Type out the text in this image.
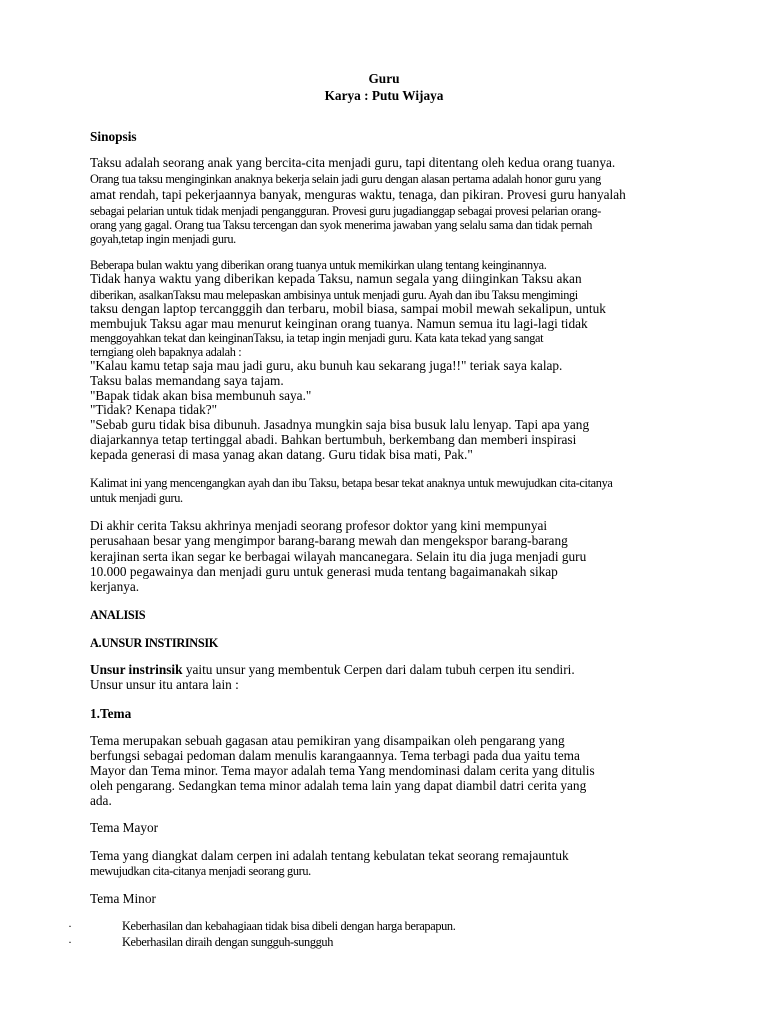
Guru
Karya : Putu Wijaya
Sinopsis
Taksu adalah seorang anak yang bercita-cita menjadi guru, tapi ditentang oleh kedua orang tuanya.
Orang tua taksu menginginkan anaknya bekerja selain jadi guru dengan alasan pertama adalah honor guru yang
amat rendah, tapi pekerjaannya banyak, menguras waktu, tenaga, dan pikiran. Provesi guru hanyalah
sebagai pelarian untuk tidak menjadi pengangguran. Provesi guru jugadianggap sebagai provesi pelarian orang-
orang yang gagal. Orang tua Taksu tercengan dan syok menerima jawaban yang selalu sama dan tidak pernah
goyah,tetap ingin menjadi guru.
Beberapa bulan waktu yang diberikan orang tuanya untuk memikirkan ulang tentang keinginannya.
Tidak hanya waktu yang diberikan kepada Taksu, namun segala yang diinginkan Taksu akan
diberikan, asalkanTaksu mau melepaskan ambisinya untuk menjadi guru. Ayah dan ibu Taksu mengimingi
taksu dengan laptop tercangggih dan terbaru, mobil biasa, sampai mobil mewah sekalipun, untuk
membujuk Taksu agar mau menurut keinginan orang tuanya. Namun semua itu lagi-lagi tidak
menggoyahkan tekat dan keinginanTaksu, ia tetap ingin menjadi guru. Kata kata tekad yang sangat
terngiang oleh bapaknya adalah :
"Kalau kamu tetap saja mau jadi guru, aku bunuh kau sekarang juga!!" teriak saya kalap.
Taksu balas memandang saya tajam.
"Bapak tidak akan bisa membunuh saya."
"Tidak? Kenapa tidak?"
"Sebab guru tidak bisa dibunuh. Jasadnya mungkin saja bisa busuk lalu lenyap. Tapi apa yang
diajarkannya tetap tertinggal abadi. Bahkan bertumbuh, berkembang dan memberi inspirasi
kepada generasi di masa yanag akan datang. Guru tidak bisa mati, Pak."
Kalimat ini yang mencengangkan ayah dan ibu Taksu, betapa besar tekat anaknya untuk mewujudkan cita-citanya
untuk menjadi guru.
Di akhir cerita Taksu akhrinya menjadi seorang profesor doktor yang kini mempunyai
perusahaan besar yang mengimpor barang-barang mewah dan mengekspor barang-barang
kerajinan serta ikan segar ke berbagai wilayah mancanegara. Selain itu dia juga menjadi guru
10.000 pegawainya dan menjadi guru untuk generasi muda tentang bagaimanakah sikap
kerjanya.
ANALISIS
A.UNSUR INSTIRINSIK
Unsur instrinsik yaitu unsur yang membentuk Cerpen dari dalam tubuh cerpen itu sendiri.
Unsur unsur itu antara lain :
1.Tema
Tema merupakan sebuah gagasan atau pemikiran yang disampaikan oleh pengarang yang
berfungsi sebagai pedoman dalam menulis karangaannya. Tema terbagi pada dua yaitu tema
Mayor dan Tema minor. Tema mayor adalah tema Yang mendominasi dalam cerita yang ditulis
oleh pengarang. Sedangkan tema minor adalah tema lain yang dapat diambil datri cerita yang
ada.
Tema Mayor
Tema yang diangkat dalam cerpen ini adalah tentang kebulatan tekat seorang remajauntuk
mewujudkan cita-citanya menjadi seorang guru.
Tema Minor
·	Keberhasilan dan kebahagiaan tidak bisa dibeli dengan harga berapapun.
·	Keberhasilan diraih dengan sungguh-sungguh
